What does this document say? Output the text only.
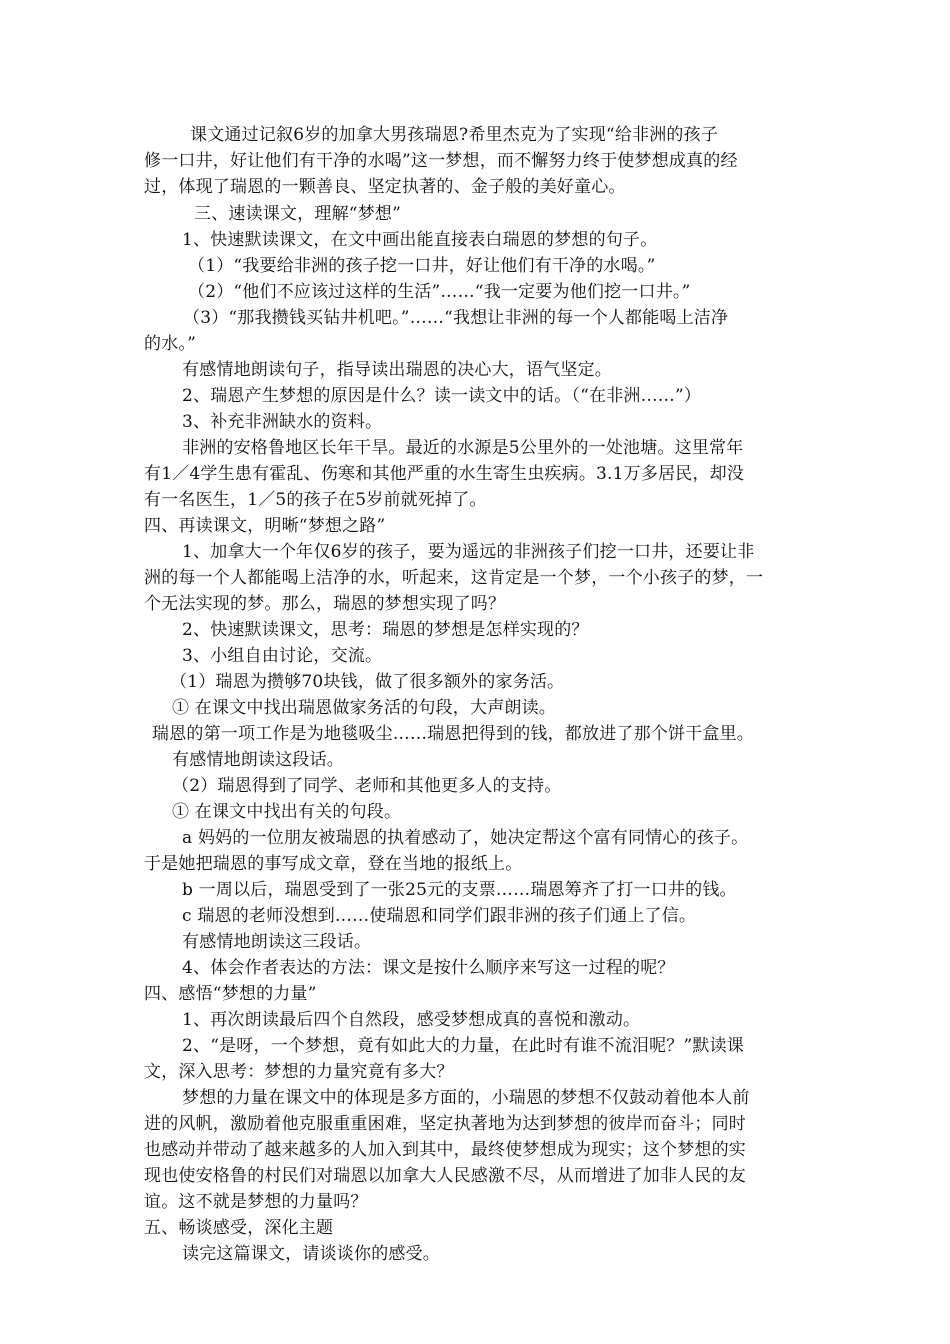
课文通过记叙6岁的加拿大男孩瑞恩?希里杰克为了实现“给非洲的孩子
修一口井，好让他们有干净的水喝”这一梦想，而不懈努力终于使梦想成真的经
过，体现了瑞恩的一颗善良、坚定执著的、金子般的美好童心。
三、速读课文，理解“梦想”
1、快速默读课文，在文中画出能直接表白瑞恩的梦想的句子。
（1）“我要给非洲的孩子挖一口井，好让他们有干净的水喝。”
（2）“他们不应该过这样的生活”……“我一定要为他们挖一口井。”
（3）“那我攒钱买钻井机吧。”……“我想让非洲的每一个人都能喝上洁净
的水。”
有感情地朗读句子，指导读出瑞恩的决心大，语气坚定。
2、瑞恩产生梦想的原因是什么？读一读文中的话。（“在非洲……”）
3、补充非洲缺水的资料。
非洲的安格鲁地区长年干旱。最近的水源是5公里外的一处池塘。这里常年
有1／4学生患有霍乱、伤寒和其他严重的水生寄生虫疾病。3.1万多居民，却没
有一名医生，1／5的孩子在5岁前就死掉了。
四、再读课文，明晰“梦想之路”
1、加拿大一个年仅6岁的孩子，要为遥远的非洲孩子们挖一口井，还要让非
洲的每一个人都能喝上洁净的水，听起来，这肯定是一个梦，一个小孩子的梦，一
个无法实现的梦。那么，瑞恩的梦想实现了吗？
2、快速默读课文，思考：瑞恩的梦想是怎样实现的？
3、小组自由讨论，交流。
（1）瑞恩为攒够70块钱，做了很多额外的家务活。
① 在课文中找出瑞恩做家务活的句段，大声朗读。
瑞恩的第一项工作是为地毯吸尘……瑞恩把得到的钱，都放进了那个饼干盒里。
有感情地朗读这段话。
（2）瑞恩得到了同学、老师和其他更多人的支持。
① 在课文中找出有关的句段。
a 妈妈的一位朋友被瑞恩的执着感动了，她决定帮这个富有同情心的孩子。
于是她把瑞恩的事写成文章，登在当地的报纸上。
b 一周以后，瑞恩受到了一张25元的支票……瑞恩筹齐了打一口井的钱。
c 瑞恩的老师没想到……使瑞恩和同学们跟非洲的孩子们通上了信。
有感情地朗读这三段话。
4、体会作者表达的方法：课文是按什么顺序来写这一过程的呢？
四、感悟“梦想的力量”
1、再次朗读最后四个自然段，感受梦想成真的喜悦和激动。
2、“是呀，一个梦想，竟有如此大的力量，在此时有谁不流泪呢？”默读课
文，深入思考：梦想的力量究竟有多大？
梦想的力量在课文中的体现是多方面的，小瑞恩的梦想不仅鼓动着他本人前
进的风帆，激励着他克服重重困难，坚定执著地为达到梦想的彼岸而奋斗；同时
也感动并带动了越来越多的人加入到其中，最终使梦想成为现实；这个梦想的实
现也使安格鲁的村民们对瑞恩以加拿大人民感激不尽，从而增进了加非人民的友
谊。这不就是梦想的力量吗？
五、畅谈感受，深化主题
读完这篇课文，请谈谈你的感受。
